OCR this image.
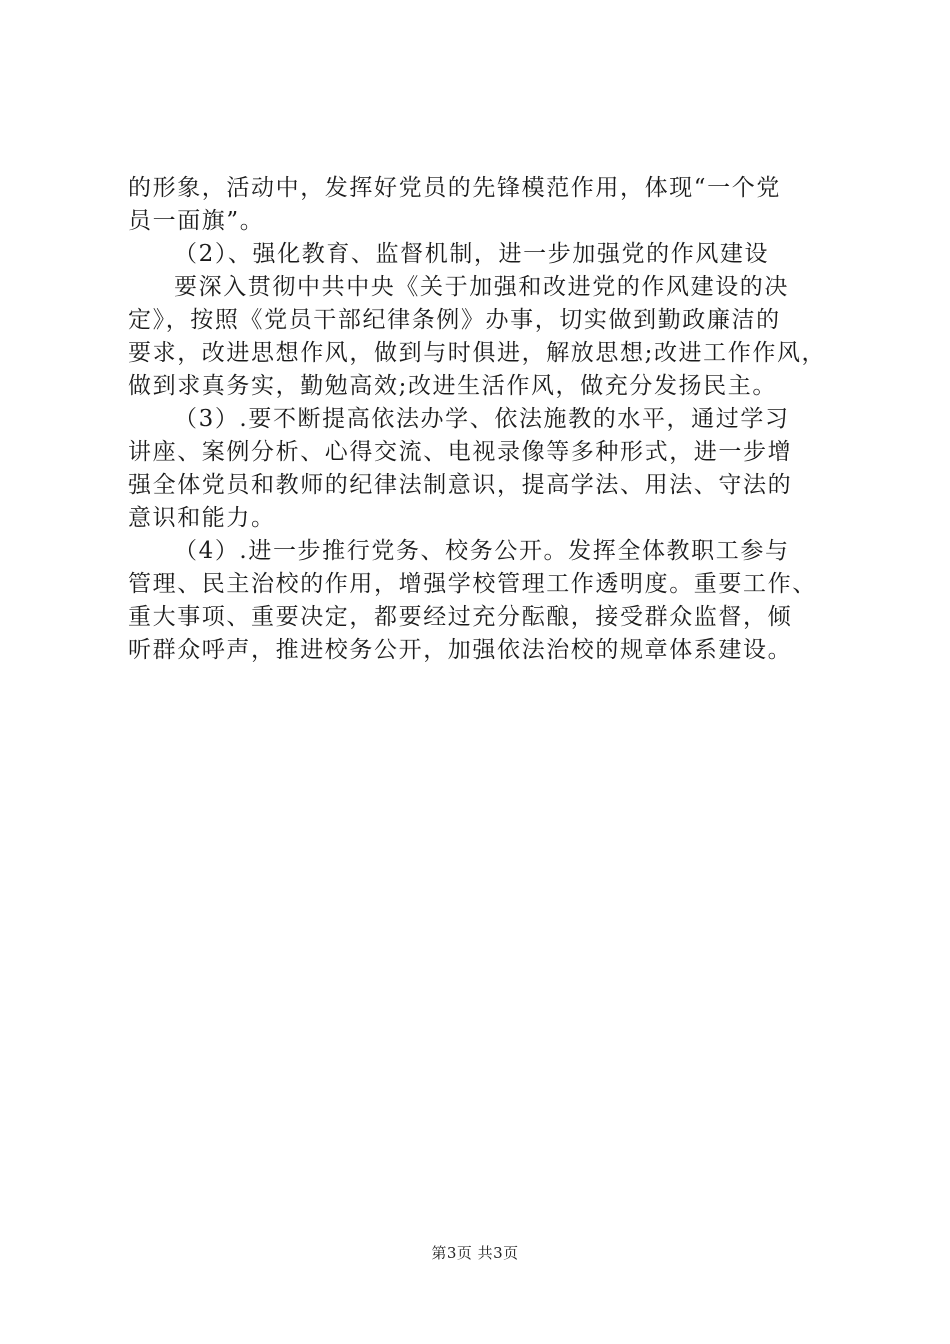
的形象，活动中，发挥好党员的先锋模范作用，体现“一个党
员一面旗”。
（2）、强化教育、监督机制，进一步加强党的作风建设
要深入贯彻中共中央《关于加强和改进党的作风建设的决
定》，按照《党员干部纪律条例》办事，切实做到勤政廉洁的
要求，改进思想作风，做到与时俱进，解放思想;改进工作作风，
做到求真务实，勤勉高效;改进生活作风，做充分发扬民主。
（3）.要不断提高依法办学、依法施教的水平，通过学习
讲座、案例分析、心得交流、电视录像等多种形式，进一步增
强全体党员和教师的纪律法制意识，提高学法、用法、守法的
意识和能力。
（4）.进一步推行党务、校务公开。发挥全体教职工参与
管理、民主治校的作用，增强学校管理工作透明度。重要工作、
重大事项、重要决定，都要经过充分酝酿，接受群众监督，倾
听群众呼声，推进校务公开，加强依法治校的规章体系建设。
第3页 共3页
